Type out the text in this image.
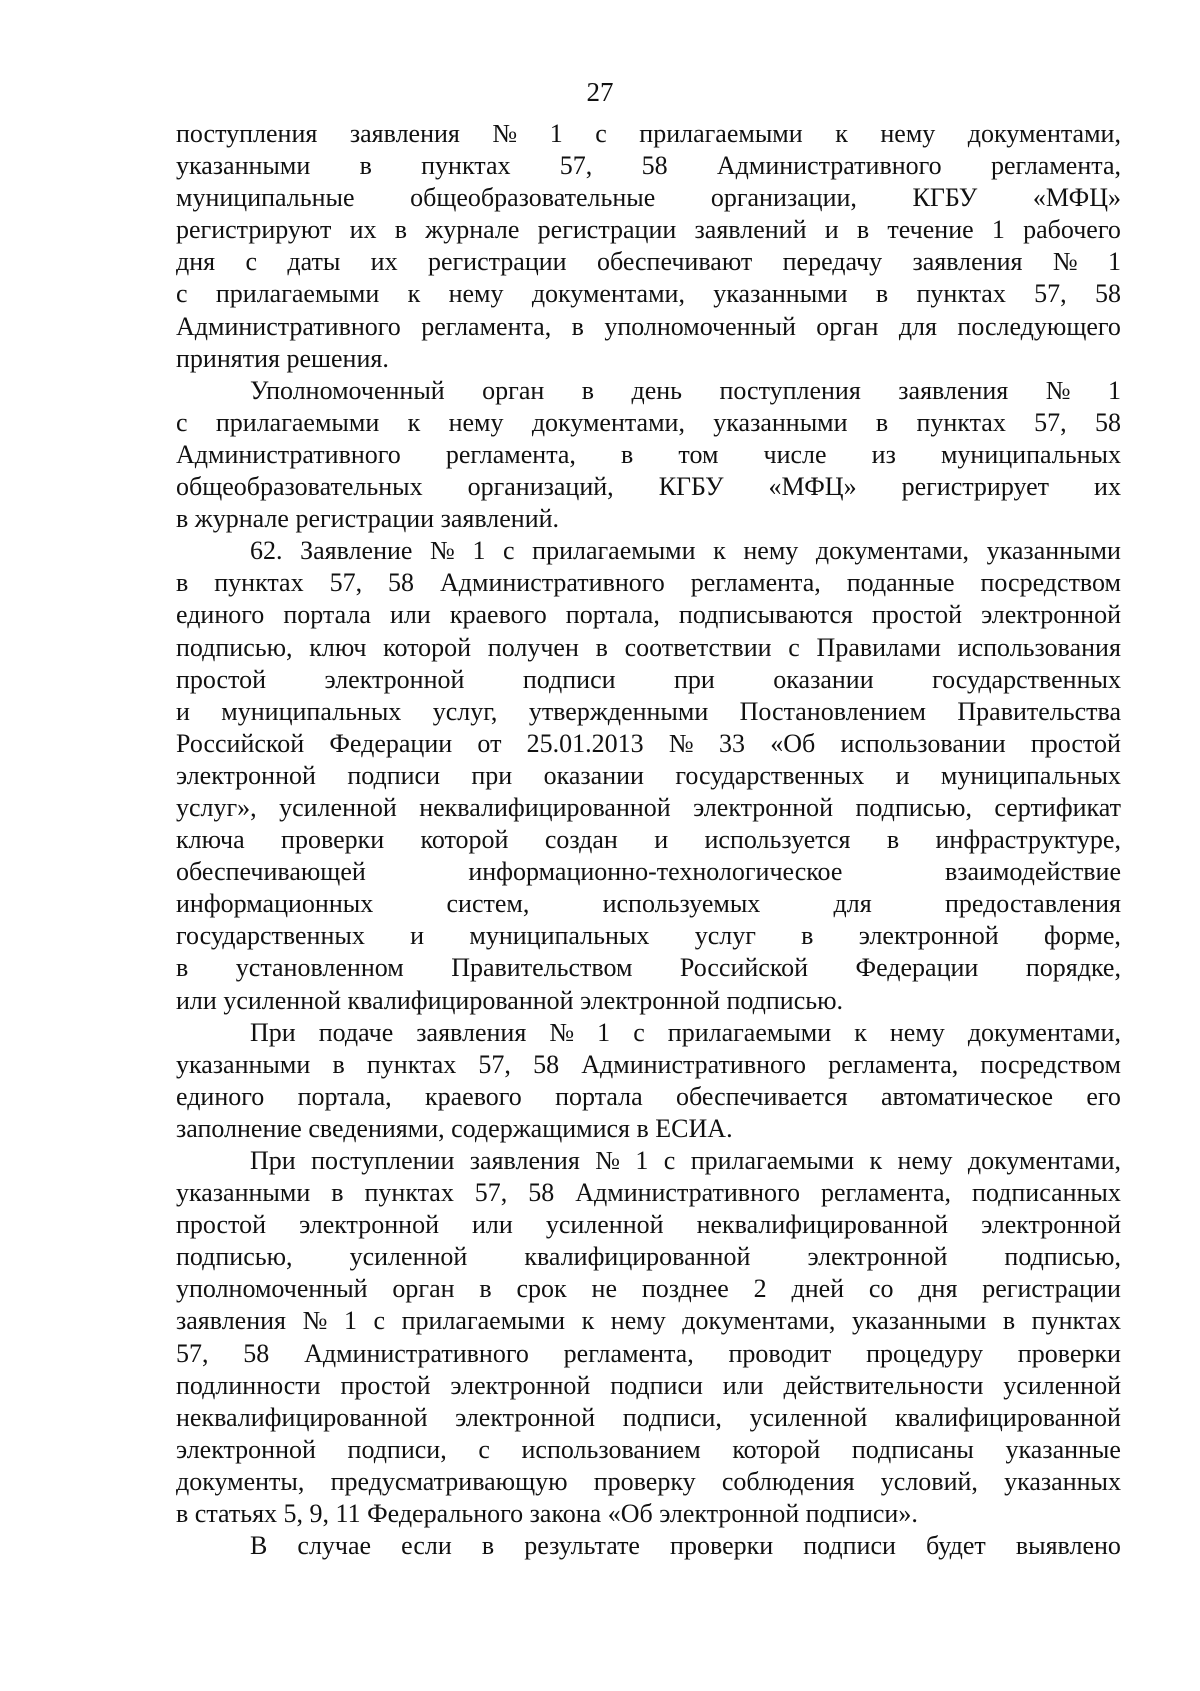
27
поступления заявления № 1 с прилагаемыми к нему документами,
указанными в пунктах 57, 58 Административного регламента,
муниципальные общеобразовательные организации, КГБУ «МФЦ»
регистрируют их в журнале регистрации заявлений и в течение 1 рабочего
дня с даты их регистрации обеспечивают передачу заявления № 1
с прилагаемыми к нему документами, указанными в пунктах 57, 58
Административного регламента, в уполномоченный орган для последующего
принятия решения.
Уполномоченный орган в день поступления заявления № 1
с прилагаемыми к нему документами, указанными в пунктах 57, 58
Административного регламента, в том числе из муниципальных
общеобразовательных организаций, КГБУ «МФЦ» регистрирует их
в журнале регистрации заявлений.
62. Заявление № 1 с прилагаемыми к нему документами, указанными
в пунктах 57, 58 Административного регламента, поданные посредством
единого портала или краевого портала, подписываются простой электронной
подписью, ключ которой получен в соответствии с Правилами использования
простой электронной подписи при оказании государственных
и муниципальных услуг, утвержденными Постановлением Правительства
Российской Федерации от 25.01.2013 № 33 «Об использовании простой
электронной подписи при оказании государственных и муниципальных
услуг», усиленной неквалифицированной электронной подписью, сертификат
ключа проверки которой создан и используется в инфраструктуре,
обеспечивающей	информационно-технологическое	взаимодействие
информационных	систем,	используемых	для	предоставления
государственных и муниципальных услуг в электронной форме,
в установленном Правительством Российской Федерации порядке,
или усиленной квалифицированной электронной подписью.
При подаче заявления № 1 с прилагаемыми к нему документами,
указанными в пунктах 57, 58 Административного регламента, посредством
единого портала, краевого портала обеспечивается автоматическое его
заполнение сведениями, содержащимися в ЕСИА.
При поступлении заявления № 1 с прилагаемыми к нему документами,
указанными в пунктах 57, 58 Административного регламента, подписанных
простой электронной или усиленной неквалифицированной электронной
подписью, усиленной квалифицированной электронной подписью,
уполномоченный орган в срок не позднее 2 дней со дня регистрации
заявления № 1 с прилагаемыми к нему документами, указанными в пунктах
57, 58 Административного регламента, проводит процедуру проверки
подлинности простой электронной подписи или действительности усиленной
неквалифицированной электронной подписи, усиленной квалифицированной
электронной подписи, с использованием которой подписаны указанные
документы, предусматривающую проверку соблюдения условий, указанных
в статьях 5, 9, 11 Федерального закона «Об электронной подписи».
В случае если в результате проверки подписи будет выявлено
